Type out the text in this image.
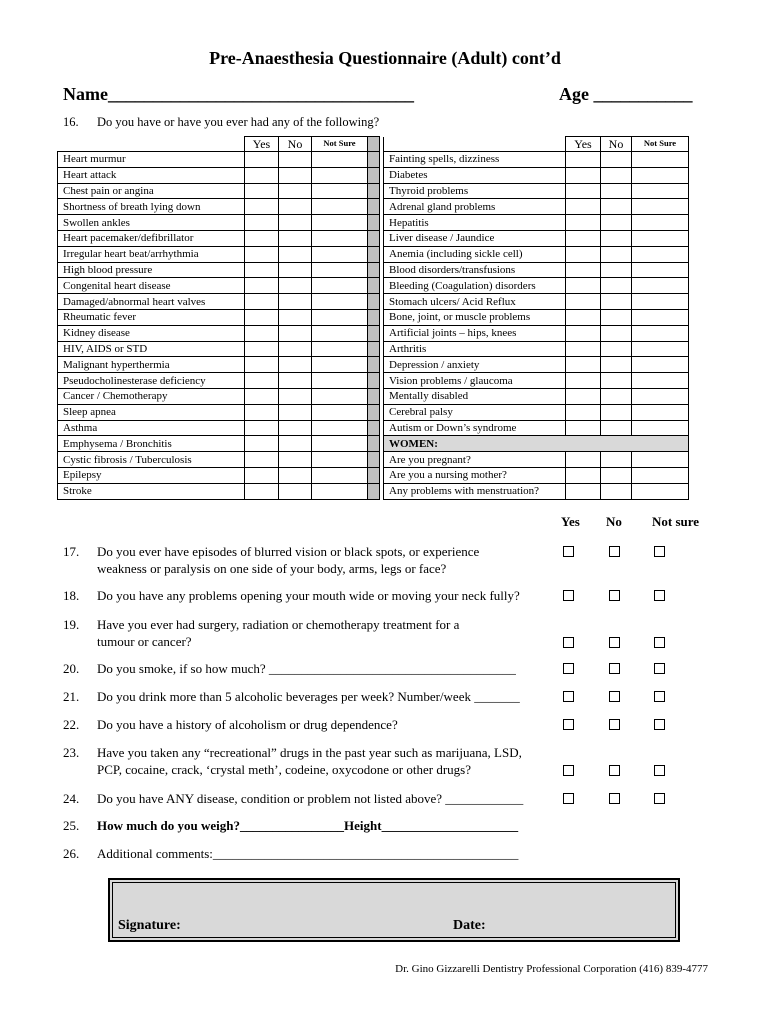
Pre-Anaesthesia Questionnaire (Adult) cont’d
Name__________________________________	Age ___________
16. Do you have or have you ever had any of the following?
	Yes	No	Not Sure				Yes	No	Not Sure
Heart murmur						Fainting spells, dizziness			
Heart attack						Diabetes			
Chest pain or angina						Thyroid problems			
Shortness of breath lying down						Adrenal gland problems			
Swollen ankles						Hepatitis			
Heart pacemaker/defibrillator						Liver disease / Jaundice			
Irregular heart beat/arrhythmia						Anemia (including sickle cell)			
High blood pressure						Blood disorders/transfusions			
Congenital heart disease						Bleeding (Coagulation) disorders			
Damaged/abnormal heart valves						Stomach ulcers/ Acid Reflux			
Rheumatic fever						Bone, joint, or muscle problems			
Kidney disease						Artificial joints – hips, knees			
HIV, AIDS or STD						Arthritis			
Malignant hyperthermia						Depression / anxiety			
Pseudocholinesterase deficiency						Vision problems / glaucoma			
Cancer / Chemotherapy						Mentally disabled			
Sleep apnea						Cerebral palsy			
Asthma						Autism or Down’s syndrome			
Emphysema / Bronchitis						WOMEN:			
Cystic fibrosis / Tuberculosis						Are you pregnant?			
Epilepsy						Are you a nursing mother?			
Stroke						Any problems with menstruation?			
Yes No Not sure
17. Do you ever have episodes of blurred vision or black spots, or experience
weakness or paralysis on one side of your body, arms, legs or face?
18. Do you have any problems opening your mouth wide or moving your neck fully?
19. Have you ever had surgery, radiation or chemotherapy treatment for a
tumour or cancer?
20. Do you smoke, if so how much? ______________________________________
21. Do you drink more than 5 alcoholic beverages per week? Number/week _______
22. Do you have a history of alcoholism or drug dependence?
23. Have you taken any “recreational” drugs in the past year such as marijuana, LSD,
PCP, cocaine, crack, ‘crystal meth’, codeine, oxycodone or other drugs?
24. Do you have ANY disease, condition or problem not listed above? ____________
25. How much do you weigh?________________Height_____________________
26. Additional comments:_______________________________________________
Signature:	Date:
Dr. Gino Gizzarelli Dentistry Professional Corporation (416) 839-4777
